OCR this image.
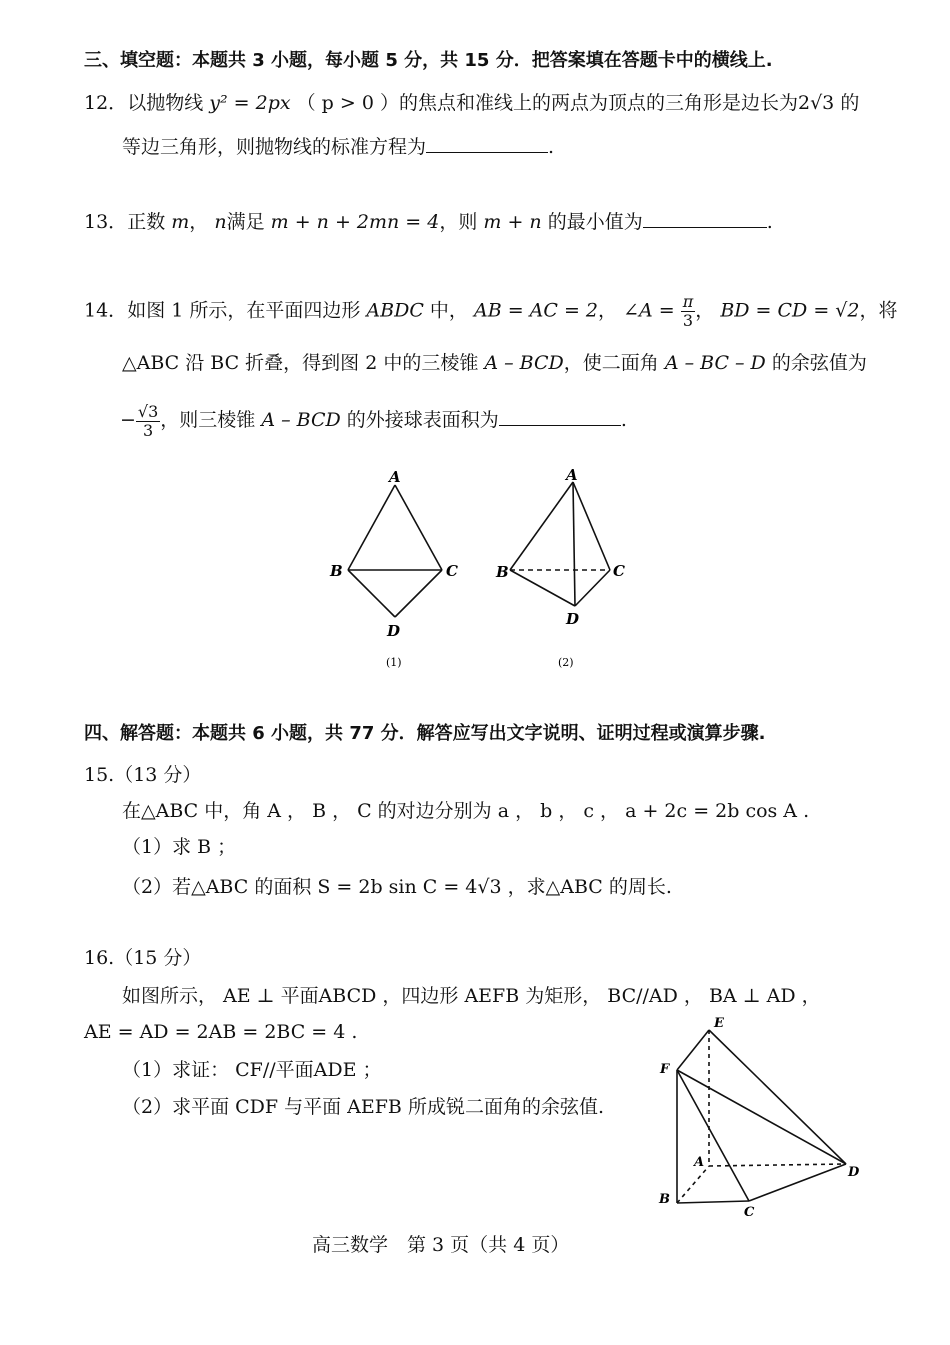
三、填空题：本题共 3 小题，每小题 5 分，共 15 分．把答案填在答题卡中的横线上.
12．以抛物线 y² = 2px （ p > 0 ）的焦点和准线上的两点为顶点的三角形是边长为2√3 的
等边三角形，则抛物线的标准方程为	.
13．正数 m， n满足 m + n + 2mn = 4，则 m + n 的最小值为	.
14．如图 1 所示，在平面四边形 ABDC 中， AB = AC = 2， ∠A = $\frac{\pi}{3}$ ， BD = CD = √2，将
△ABC 沿 BC 折叠，得到图 2 中的三棱锥 A – BCD，使二面角 A – BC – D 的余弦值为
− $\frac{√3}{3}$ ，则三棱锥 A – BCD 的外接球表面积为	.
A
B	C
D
(1)
A
B	C
D
(2)
四、解答题：本题共 6 小题，共 77 分．解答应写出文字说明、证明过程或演算步骤.
15.（13 分）
在△ABC 中，角 A ， B ， C 的对边分别为 a ， b ， c ， a + 2c = 2b cos A .
（1）求 B ；
（2）若△ABC 的面积 S = 2b sin C = 4√3 ，求△ABC 的周长.
16.（15 分）
如图所示， AE ⊥ 平面ABCD ，四边形 AEFB 为矩形， BC//AD ， BA ⊥ AD ，
AE = AD = 2AB = 2BC = 4 .
（1）求证： CF//平面ADE ；
（2）求平面 CDF 与平面 AEFB 所成锐二面角的余弦值.
E
F
A
B
C
D
高三数学　第 3 页（共 4 页）
